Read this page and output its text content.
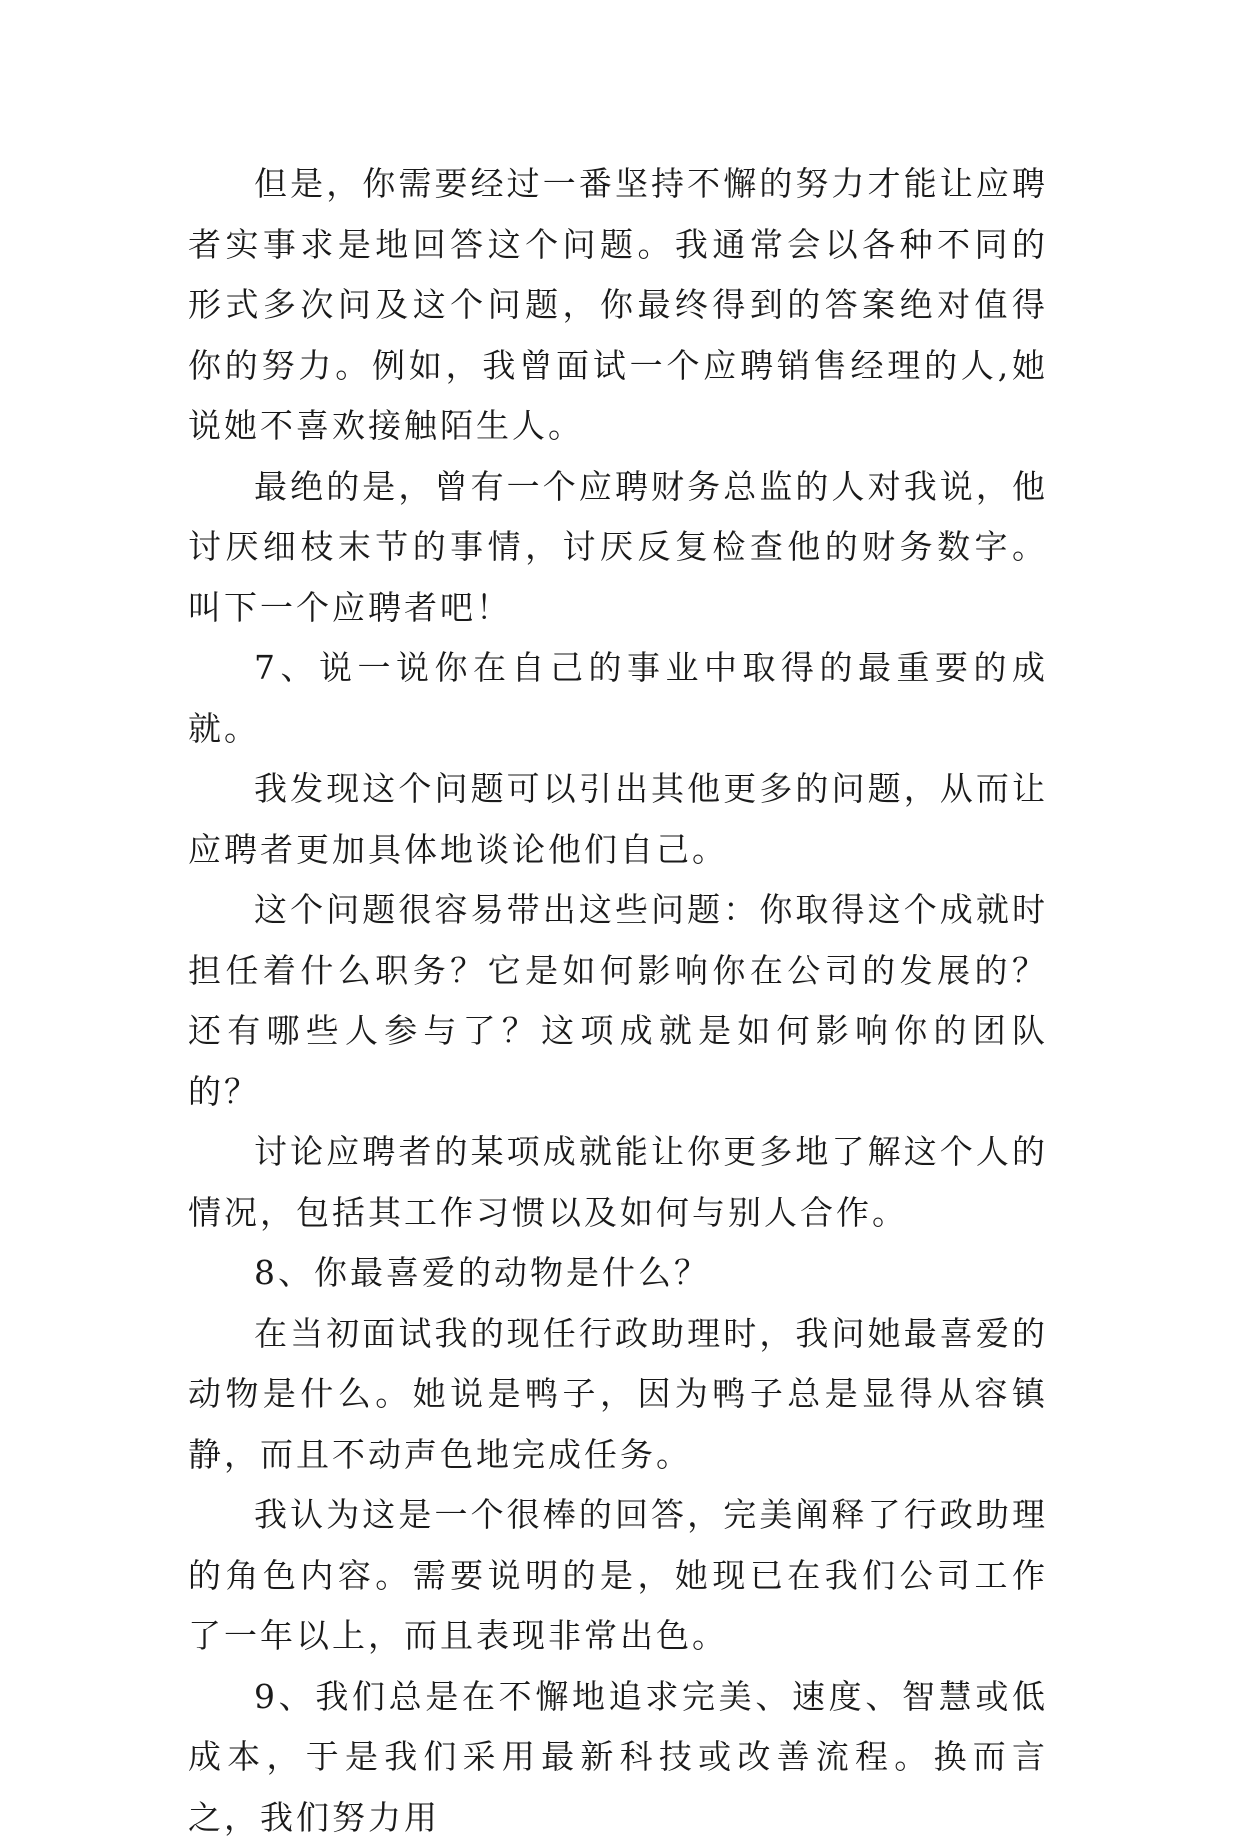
但是，你需要经过一番坚持不懈的努力才能让应聘者实事求是地回答这个问题。我通常会以各种不同的形式多次问及这个问题，你最终得到的答案绝对值得你的努力。例如，我曾面试一个应聘销售经理的人,她说她不喜欢接触陌生人。

最绝的是，曾有一个应聘财务总监的人对我说，他讨厌细枝末节的事情，讨厌反复检查他的财务数字。叫下一个应聘者吧！

7、说一说你在自己的事业中取得的最重要的成就。

我发现这个问题可以引出其他更多的问题，从而让应聘者更加具体地谈论他们自己。

这个问题很容易带出这些问题：你取得这个成就时担任着什么职务？它是如何影响你在公司的发展的？还有哪些人参与了？这项成就是如何影响你的团队的？

讨论应聘者的某项成就能让你更多地了解这个人的情况，包括其工作习惯以及如何与别人合作。

8、你最喜爱的动物是什么？

在当初面试我的现任行政助理时，我问她最喜爱的动物是什么。她说是鸭子，因为鸭子总是显得从容镇静，而且不动声色地完成任务。

我认为这是一个很棒的回答，完美阐释了行政助理的角色内容。需要说明的是，她现已在我们公司工作了一年以上，而且表现非常出色。

9、我们总是在不懈地追求完美、速度、智慧或低成本，于是我们采用最新科技或改善流程。换而言之，我们努力用
